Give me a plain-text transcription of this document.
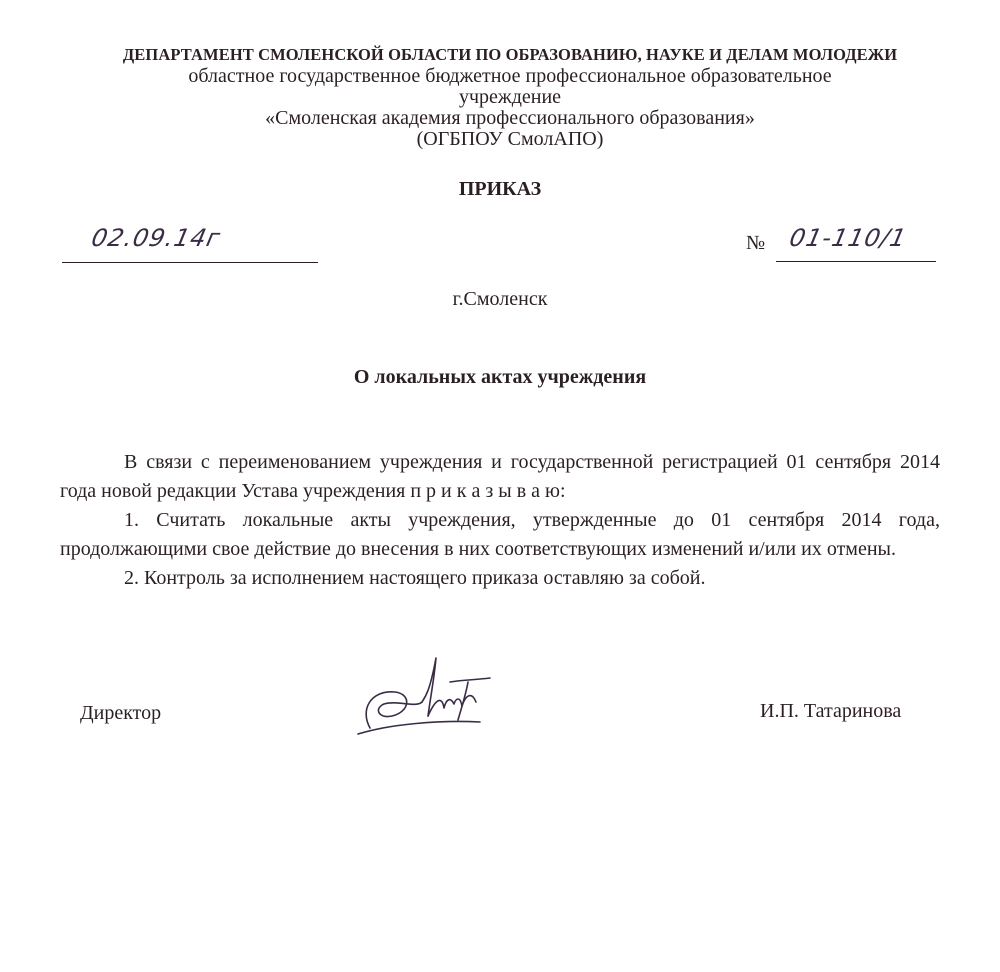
ДЕПАРТАМЕНТ СМОЛЕНСКОЙ ОБЛАСТИ ПО ОБРАЗОВАНИЮ, НАУКЕ И ДЕЛАМ МОЛОДЕЖИ
областное государственное бюджетное профессиональное образовательное
учреждение
«Смоленская академия профессионального образования»
(ОГБПОУ СмолАПО)
ПРИКАЗ
02.09.14г	№ 01-110/1
г.Смоленск
О локальных актах учреждения

В связи с переименованием учреждения и государственной регистрацией 01 сентября 2014 года новой редакции Устава учреждения п р и к а з ы в а ю:

1. Считать локальные акты учреждения, утвержденные до 01 сентября 2014 года, продолжающими свое действие до внесения в них соответствующих изменений и/или их отмены.

2. Контроль за исполнением настоящего приказа оставляю за собой.

Директор	И.П. Татаринова
